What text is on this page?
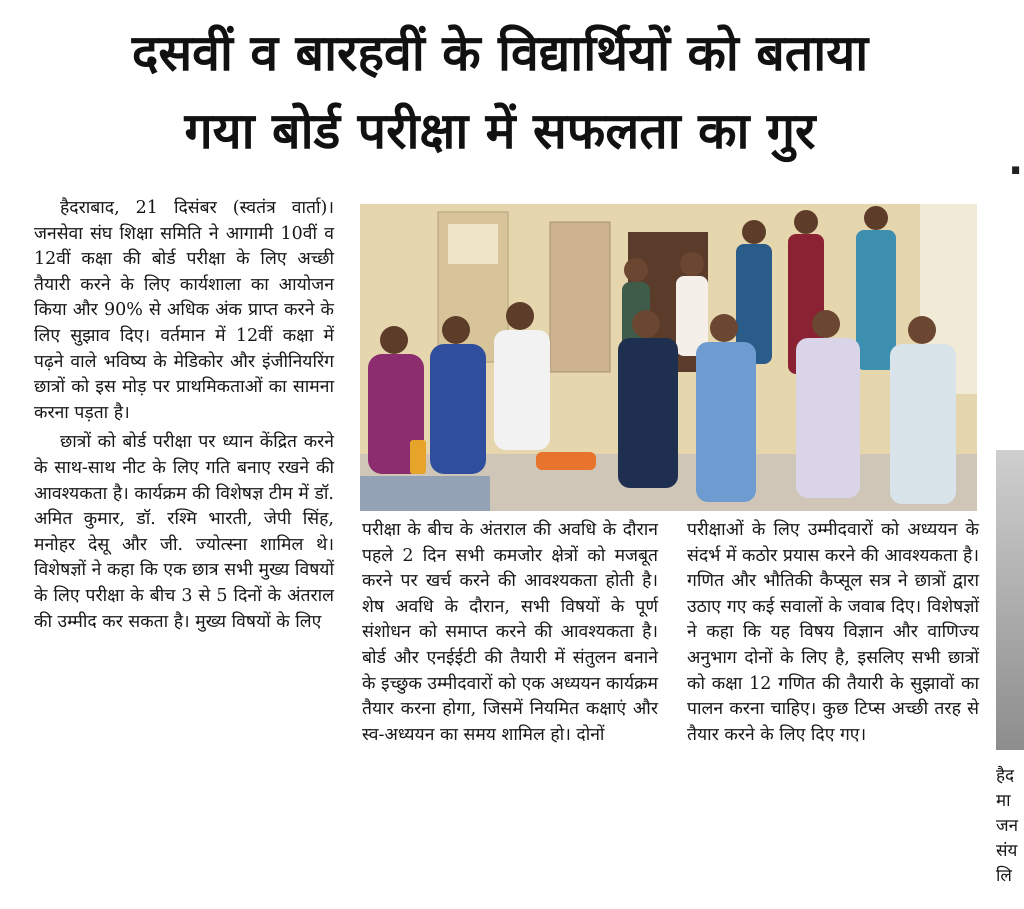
दसवीं व बारहवीं के विद्यार्थियों को बताया
गया बोर्ड परीक्षा में सफलता का गुर

हैदराबाद, 21 दिसंबर (स्वतंत्र वार्ता)। जनसेवा संघ शिक्षा समिति ने आगामी 10वीं व 12वीं कक्षा की बोर्ड परीक्षा के लिए अच्छी तैयारी करने के लिए कार्यशाला का आयोजन किया और 90% से अधिक अंक प्राप्त करने के लिए सुझाव दिए। वर्तमान में 12वीं कक्षा में पढ़ने वाले भविष्य के मेडिकोर और इंजीनियरिंग छात्रों को इस मोड़ पर प्राथमिकताओं का सामना करना पड़ता है।

छात्रों को बोर्ड परीक्षा पर ध्यान केंद्रित करने के साथ-साथ नीट के लिए गति बनाए रखने की आवश्यकता है। कार्यक्रम की विशेषज्ञ टीम में डॉ. अमित कुमार, डॉ. रश्मि भारती, जेपी सिंह, मनोहर देसू और जी. ज्योत्स्ना शामिल थे। विशेषज्ञों ने कहा कि एक छात्र सभी मुख्य विषयों के लिए परीक्षा के बीच 3 से 5 दिनों के अंतराल की उम्मीद कर सकता है। मुख्य विषयों के लिए

परीक्षा के बीच के अंतराल की अवधि के दौरान पहले 2 दिन सभी कमजोर क्षेत्रों को मजबूत करने पर खर्च करने की आवश्यकता होती है। शेष अवधि के दौरान, सभी विषयों के पूर्ण संशोधन को समाप्त करने की आवश्यकता है। बोर्ड और एनईईटी की तैयारी में संतुलन बनाने के इच्छुक उम्मीदवारों को एक अध्ययन कार्यक्रम तैयार करना होगा, जिसमें नियमित कक्षाएं और स्व-अध्ययन का समय शामिल हो। दोनों

परीक्षाओं के लिए उम्मीदवारों को अध्ययन के संदर्भ में कठोर प्रयास करने की आवश्यकता है। गणित और भौतिकी कैप्सूल सत्र ने छात्रों द्वारा उठाए गए कई सवालों के जवाब दिए। विशेषज्ञों ने कहा कि यह विषय विज्ञान और वाणिज्य अनुभाग दोनों के लिए है, इसलिए सभी छात्रों को कक्षा 12 गणित की तैयारी के सुझावों का पालन करना चाहिए। कुछ टिप्स अच्छी तरह से तैयार करने के लिए दिए गए।

·
हैद
मा
जन
संय
लि
